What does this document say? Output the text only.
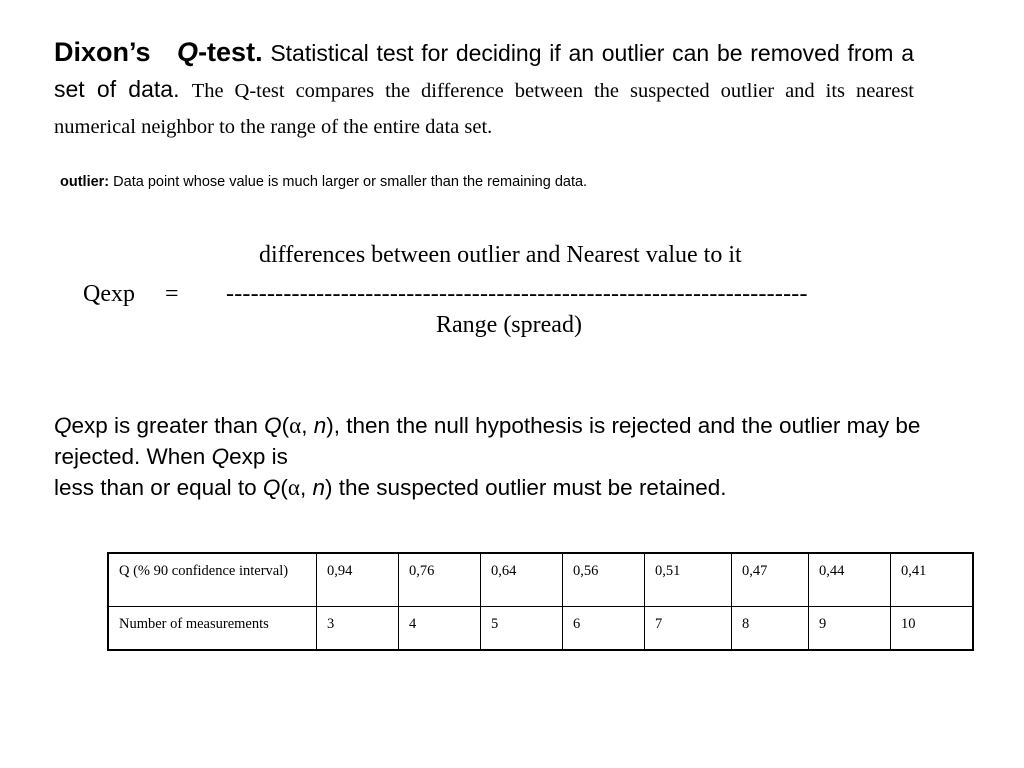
Dixon’s Q-test. Statistical test for deciding if an outlier can be removed from a set of data. The Q-test compares the difference between the suspected outlier and its nearest numerical neighbor to the range of the entire data set.
outlier: Data point whose value is much larger or smaller than the remaining data.
differences between outlier and Nearest value to it
Qexp = -----------------------------------------------------------------------
Range (spread)
Qexp is greater than Q(α, n), then the null hypothesis is rejected and the outlier may be rejected. When Qexp is
less than or equal to Q(α, n) the suspected outlier must be retained.
Q (% 90 confidence interval)	0,94	0,76	0,64	0,56	0,51	0,47	0,44	0,41
Number of measurements	3	4	5	6	7	8	9	10
